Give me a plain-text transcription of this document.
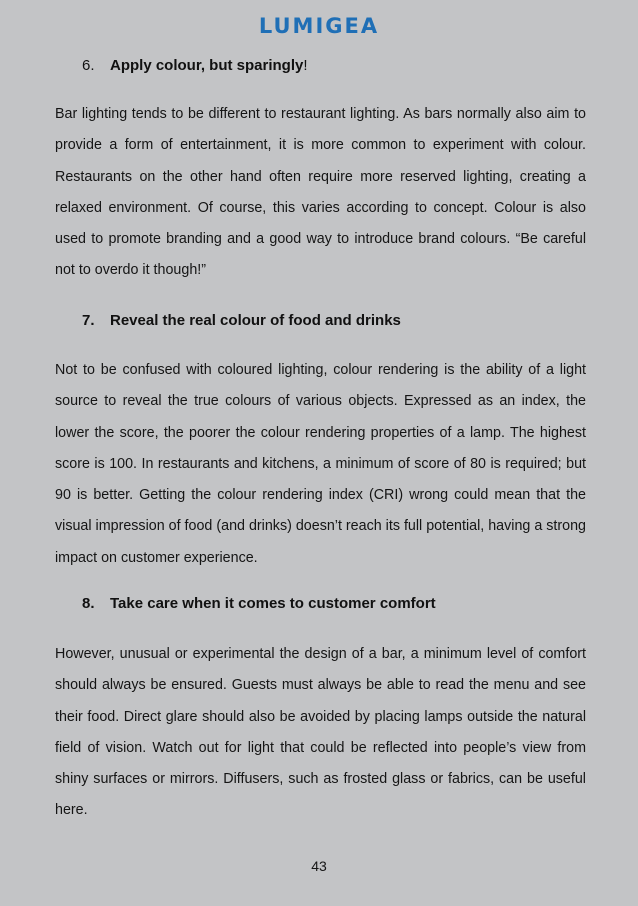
LUMIGEA
6. Apply colour, but sparingly!
Bar lighting tends to be different to restaurant lighting. As bars normally also aim to provide a form of entertainment, it is more common to experiment with colour. Restaurants on the other hand often require more reserved lighting, creating a relaxed environment. Of course, this varies according to concept. Colour is also used to promote branding and a good way to introduce brand colours. “Be careful not to overdo it though!”
7. Reveal the real colour of food and drinks
Not to be confused with coloured lighting, colour rendering is the ability of a light source to reveal the true colours of various objects. Expressed as an index, the lower the score, the poorer the colour rendering properties of a lamp. The highest score is 100. In restaurants and kitchens, a minimum of score of 80 is required; but 90 is better. Getting the colour rendering index (CRI) wrong could mean that the visual impression of food (and drinks) doesn’t reach its full potential, having a strong impact on customer experience.
8. Take care when it comes to customer comfort
However, unusual or experimental the design of a bar, a minimum level of comfort should always be ensured. Guests must always be able to read the menu and see their food. Direct glare should also be avoided by placing lamps outside the natural field of vision. Watch out for light that could be reflected into people’s view from shiny surfaces or mirrors. Diffusers, such as frosted glass or fabrics, can be useful here.
43
